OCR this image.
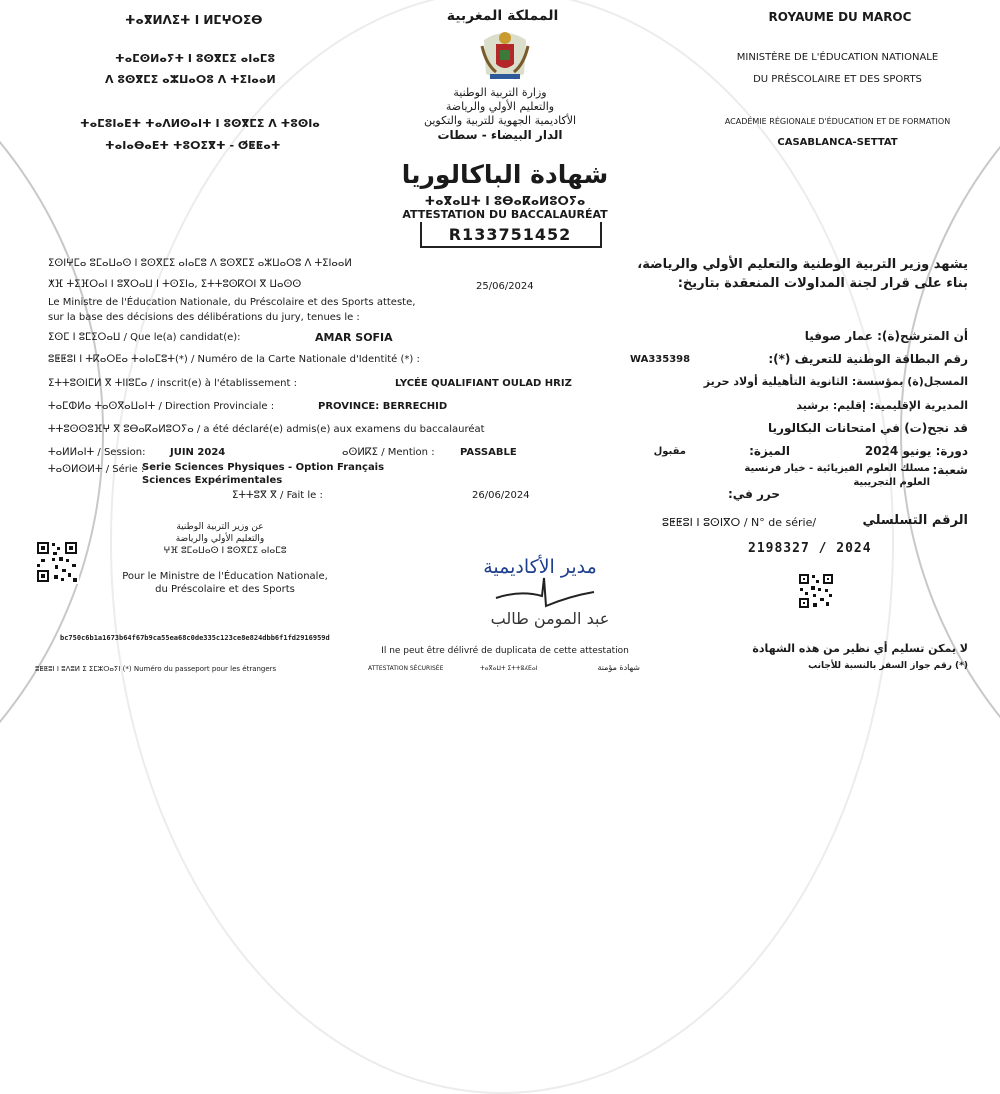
ⵜⴰⴳⵍⴷⵉⵜ ⵏ ⵍⵎⵖⵔⵉⴱ
ⵜⴰⵎⵙⵍⴰⵢⵜ ⵏ ⵓⵙⴳⵎⵉ ⴰⵏⴰⵎⵓ
ⴷ ⵓⵙⴳⵎⵉ ⴰⵣⵡⴰⵔⵓ ⴷ ⵜⵉⵏⴰⴰⵍ
ⵜⴰⵎⵓⵏⴰⴹⵜ ⵜⴰⴷⵍⵙⴰⵏⵜ ⵏ ⵓⵙⴳⵎⵉ ⴷ ⵜⵓⵙⵏⴰ
ⵜⴰⵏⴰⴱⴰⴹⵜ ⵜⵓⵔⵉⴳⵜ - ⵚⵟⵟⴰⵜ
المملكة المغربية
وزارة التربية الوطنية
والتعليم الأولي والرياضة
الأكاديمية الجهوية للتربية والتكوين
الدار البيضاء - سطات
ROYAUME DU MAROC
MINISTÈRE DE L'ÉDUCATION NATIONALE
DU PRÉSCOLAIRE ET DES SPORTS
ACADÉMIE RÉGIONALE D'ÉDUCATION ET DE FORMATION
CASABLANCA-SETTAT
شهادة الباكالوريا
ⵜⴰⴳⴰⵡⵜ ⵏ ⵓⴱⴰⴽⴰⵍⵓⵔⵢⴰ
ATTESTATION DU BACCALAURÉAT
R133751452
ⵉⵙⵏⵖⵎⴰ ⵓⵎⴰⵡⴰⵙ ⵏ ⵓⵙⴳⵎⵉ ⴰⵏⴰⵎⵓ ⴷ ⵓⵙⴳⵎⵉ ⴰⵣⵡⴰⵔⵓ ⴷ ⵜⵉⵏⴰⴰⵍ
ⵅⴼ ⵜⵉⴼⵔⴰⵏ ⵏ ⵓⴳⵔⴰⵡ ⵏ ⵜⵙⵉⵏⴰ, ⵉⵜⵜⵓⵙⴽⵔⵏ ⴳ ⵡⴰⵙⵙ	25/06/2024
Le Ministre de l'Éducation Nationale, du Préscolaire et des Sports atteste,
sur la base des décisions des délibérations du jury, tenues le :
يشهد وزير التربية الوطنية والتعليم الأولي والرياضة،
بناء على قرار لجنة المداولات المنعقدة بتاريخ:
ⵉⵙⵎ ⵏ ⵓⵎⵉⵔⴰⵡ / Que le(a) candidat(e):	AMAR SOFIA	أن المترشح(ة): عمار صوفيا
ⵓⵟⵟⵓⵏ ⵏ ⵜⴽⴰⵔⴹⴰ ⵜⴰⵏⴰⵎⵓⵜ(*) / Numéro de la Carte Nationale d'Identité (*) :	WA335398	رقم البطاقة الوطنية للتعريف (*):
ⵉⵜⵜⵓⵙⵏⵎⵍ ⴳ ⵜⵏⵏⵓⵎⴰ / inscrit(e) à l'établissement :	LYCÉE QUALIFIANT OULAD HRIZ	المسجل(ة) بمؤسسة: الثانوية التأهيلية أولاد حريز
ⵜⴰⵎⵀⵍⴰ ⵜⴰⵙⴳⴰⵡⴰⵏⵜ / Direction Provinciale :	PROVINCE: BERRECHID	المديرية الإقليمية: إقليم: برشيد
ⵜⵜⵓⵙⵙⵓⴼⵖ ⴳ ⵓⴱⴰⴽⴰⵍⵓⵔⵢⴰ / a été déclaré(e) admis(e) aux examens du baccalauréat	قد نجح(ت) في امتحانات البكالوريا
ⵜⴰⵍⵍⴰⵏⵜ / Session: JUIN 2024	ⴰⵙⵍⴽⵉ / Mention :	PASSABLE	مقبول	الميزة:	دورة: يونيو 2024
ⵜⴰⵙⵍⵙⵍⵜ / Série :
Serie Sciences Physiques - Option Français
Sciences Expérimentales
مسلك العلوم الفيزيائية - خيار فرنسية
العلوم التجريبية
شعبة:
ⵉⵜⵜⵓⴳ ⴳ / Fait le :	26/06/2024	حرر في:
ⵓⵟⵟⵓⵏ ⵏ ⵓⵙⵏⴳⵔ / N° de série/	الرقم التسلسلي
2198327 / 2024
عن وزير التربية الوطنية
والتعليم الأولي والرياضة
ⵖⴼ ⵓⵎⴰⵡⴰⵙ ⵏ ⵓⵙⴳⵎⵉ ⴰⵏⴰⵎⵓ
Pour le Ministre de l'Éducation Nationale,
du Préscolaire et des Sports
مدير الأكاديمية
عبد المومن طالب
bc750c6b1a1673b64f67b9ca55ea68c0de335c123ce8e824dbb6f1fd2916959d
Il ne peut être délivré de duplicata de cette attestation	لا يمكن تسليم أي نظير من هذه الشهادة
ⵓⵟⵟⵓⵏ ⵏ ⵓⴷⵓⵍ ⵉ ⵉⵎⵣⵔⴰⵢⵏ (*) Numéro du passeport pour les étrangers	ATTESTATION SÉCURISÉE	ⵜⴰⴳⴰⵡⵜ ⵉⵜⵜⵓⵃⴹⴰⵏ	شهادة مؤمنة	(*) رقم جواز السفر بالنسبة للأجانب
